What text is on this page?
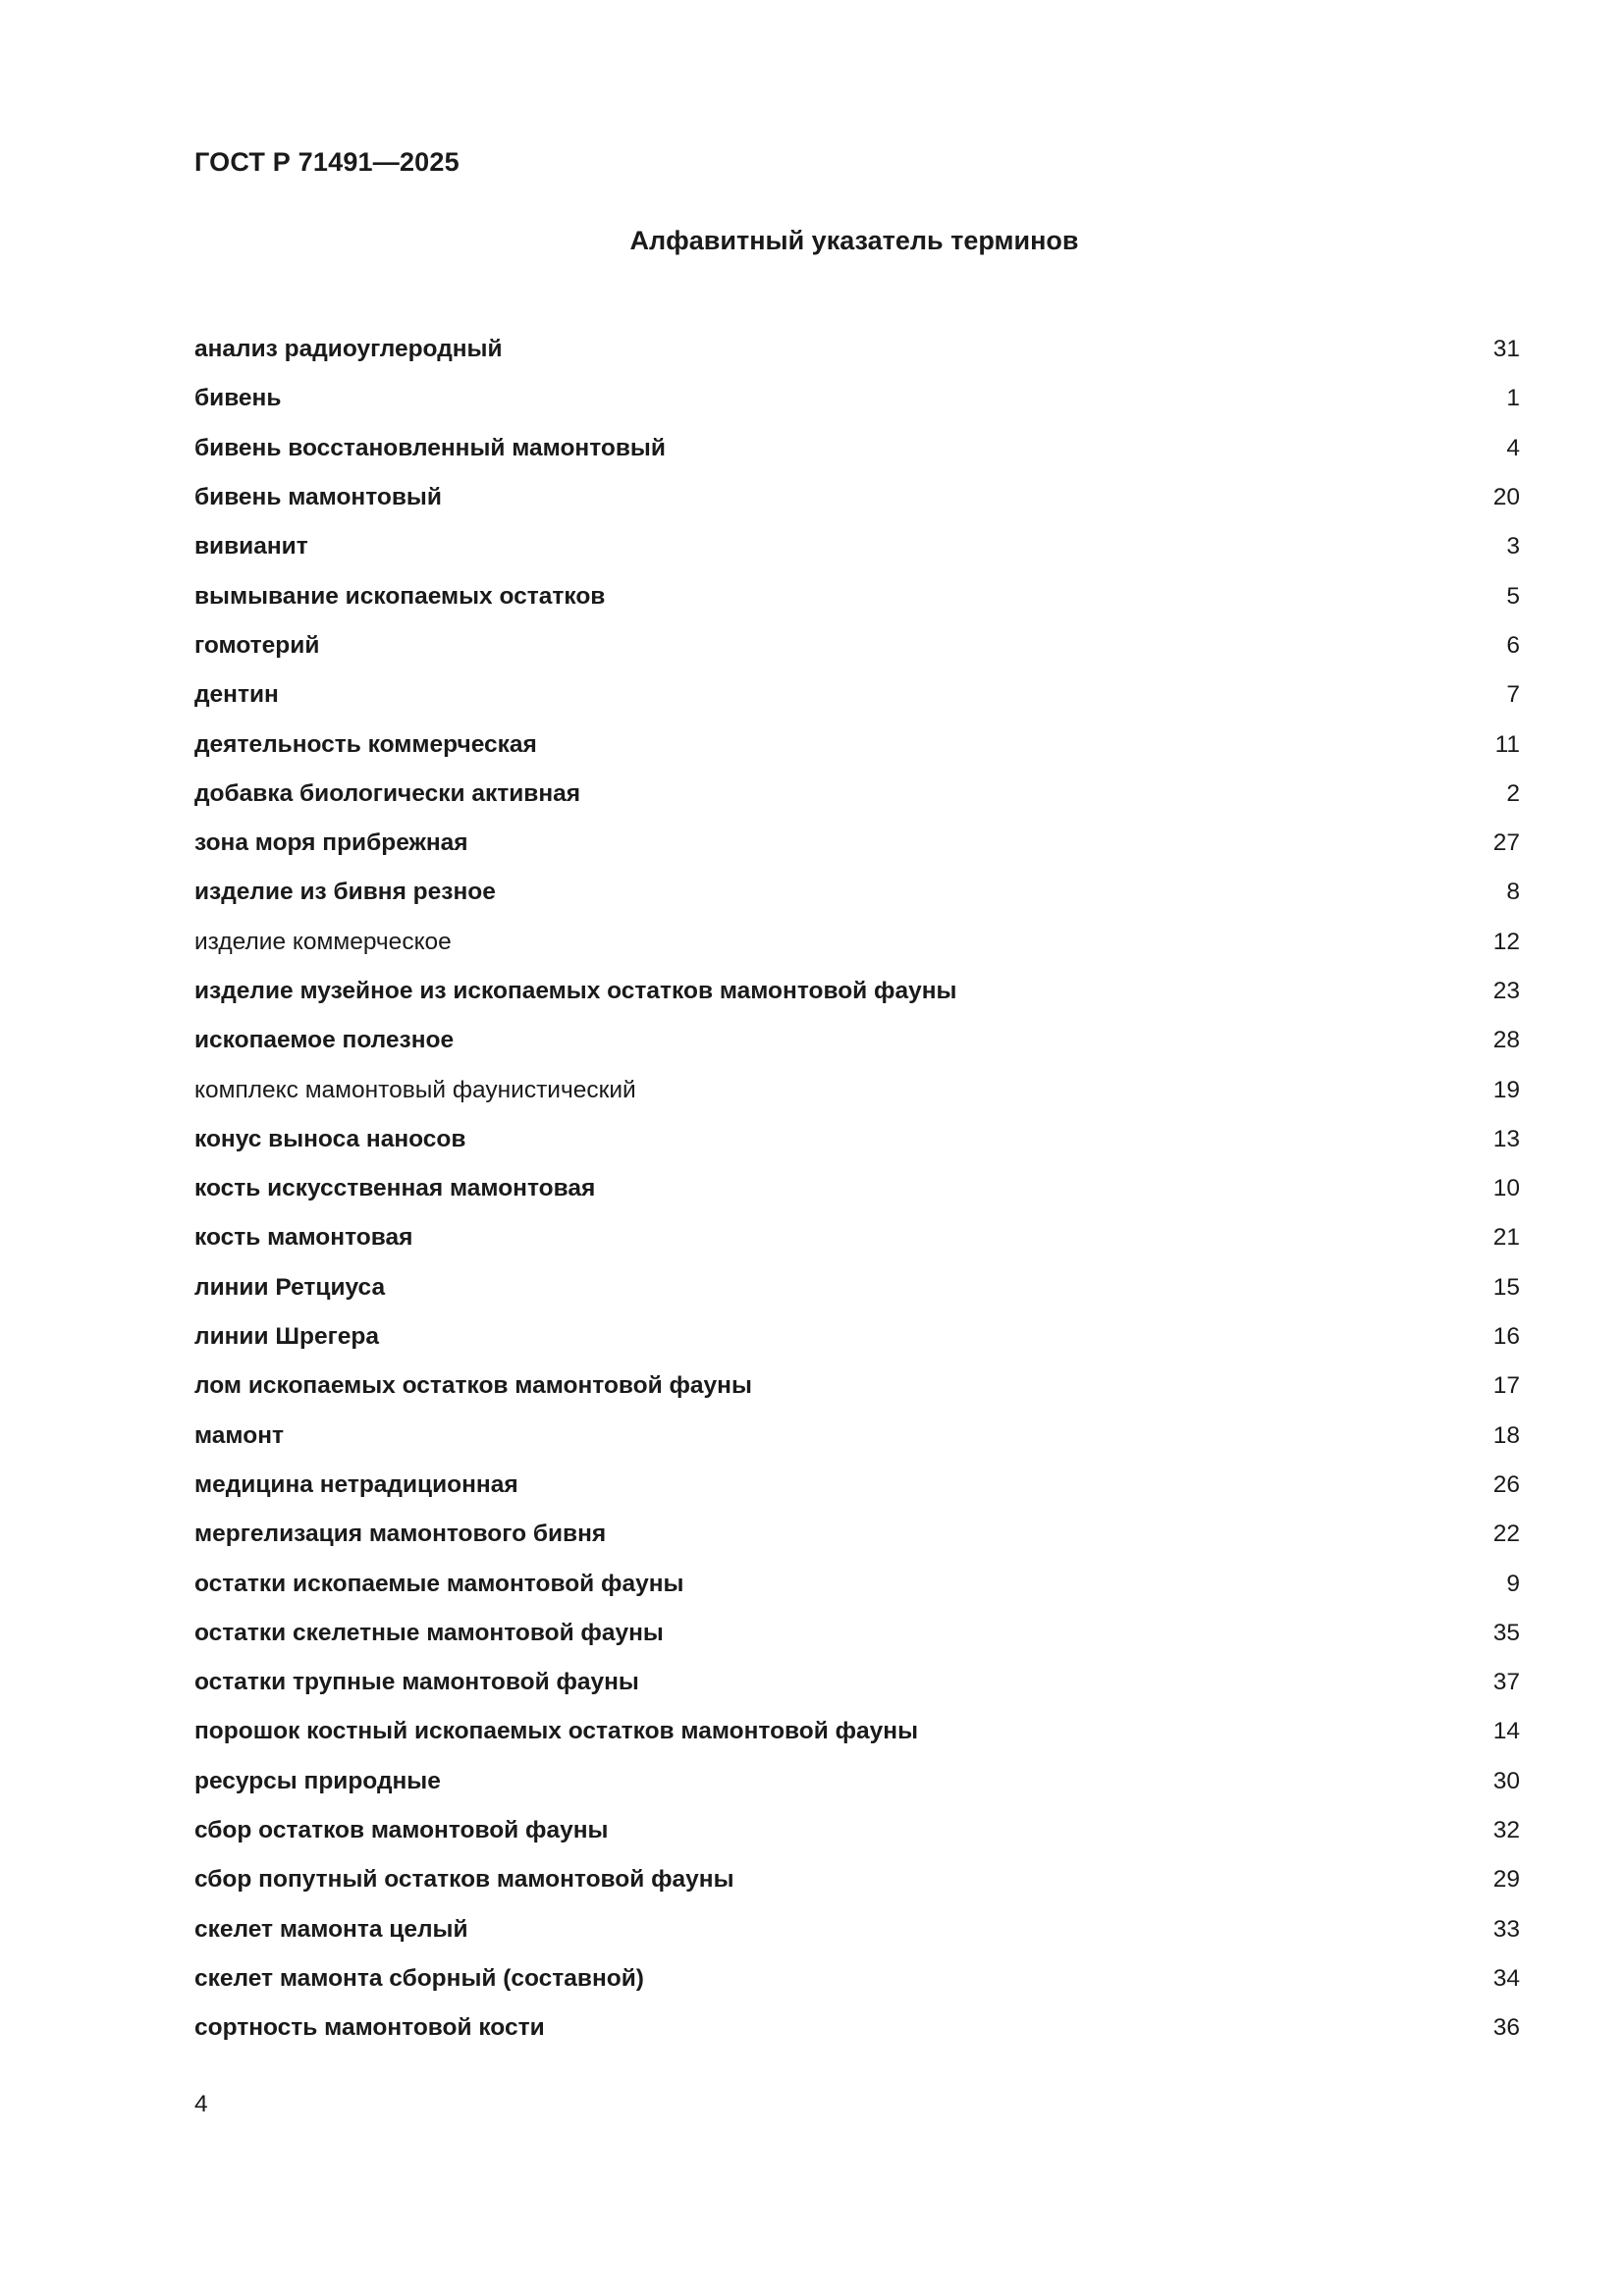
ГОСТ Р 71491—2025
Алфавитный указатель терминов
анализ радиоуглеродный	31
бивень	1
бивень восстановленный мамонтовый	4
бивень мамонтовый	20
вивианит	3
вымывание ископаемых остатков	5
гомотерий	6
дентин	7
деятельность коммерческая	11
добавка биологически активная	2
зона моря прибрежная	27
изделие из бивня резное	8
изделие коммерческое	12
изделие музейное из ископаемых остатков мамонтовой фауны	23
ископаемое полезное	28
комплекс мамонтовый фаунистический	19
конус выноса наносов	13
кость искусственная мамонтовая	10
кость мамонтовая	21
линии Ретциуса	15
линии Шрегера	16
лом ископаемых остатков мамонтовой фауны	17
мамонт	18
медицина нетрадиционная	26
мергелизация мамонтового бивня	22
остатки ископаемые мамонтовой фауны	9
остатки скелетные мамонтовой фауны	35
остатки трупные мамонтовой фауны	37
порошок костный ископаемых остатков мамонтовой фауны	14
ресурсы природные	30
сбор остатков мамонтовой фауны	32
сбор попутный остатков мамонтовой фауны	29
скелет мамонта целый	33
скелет мамонта сборный (составной)	34
сортность мамонтовой кости	36
4
